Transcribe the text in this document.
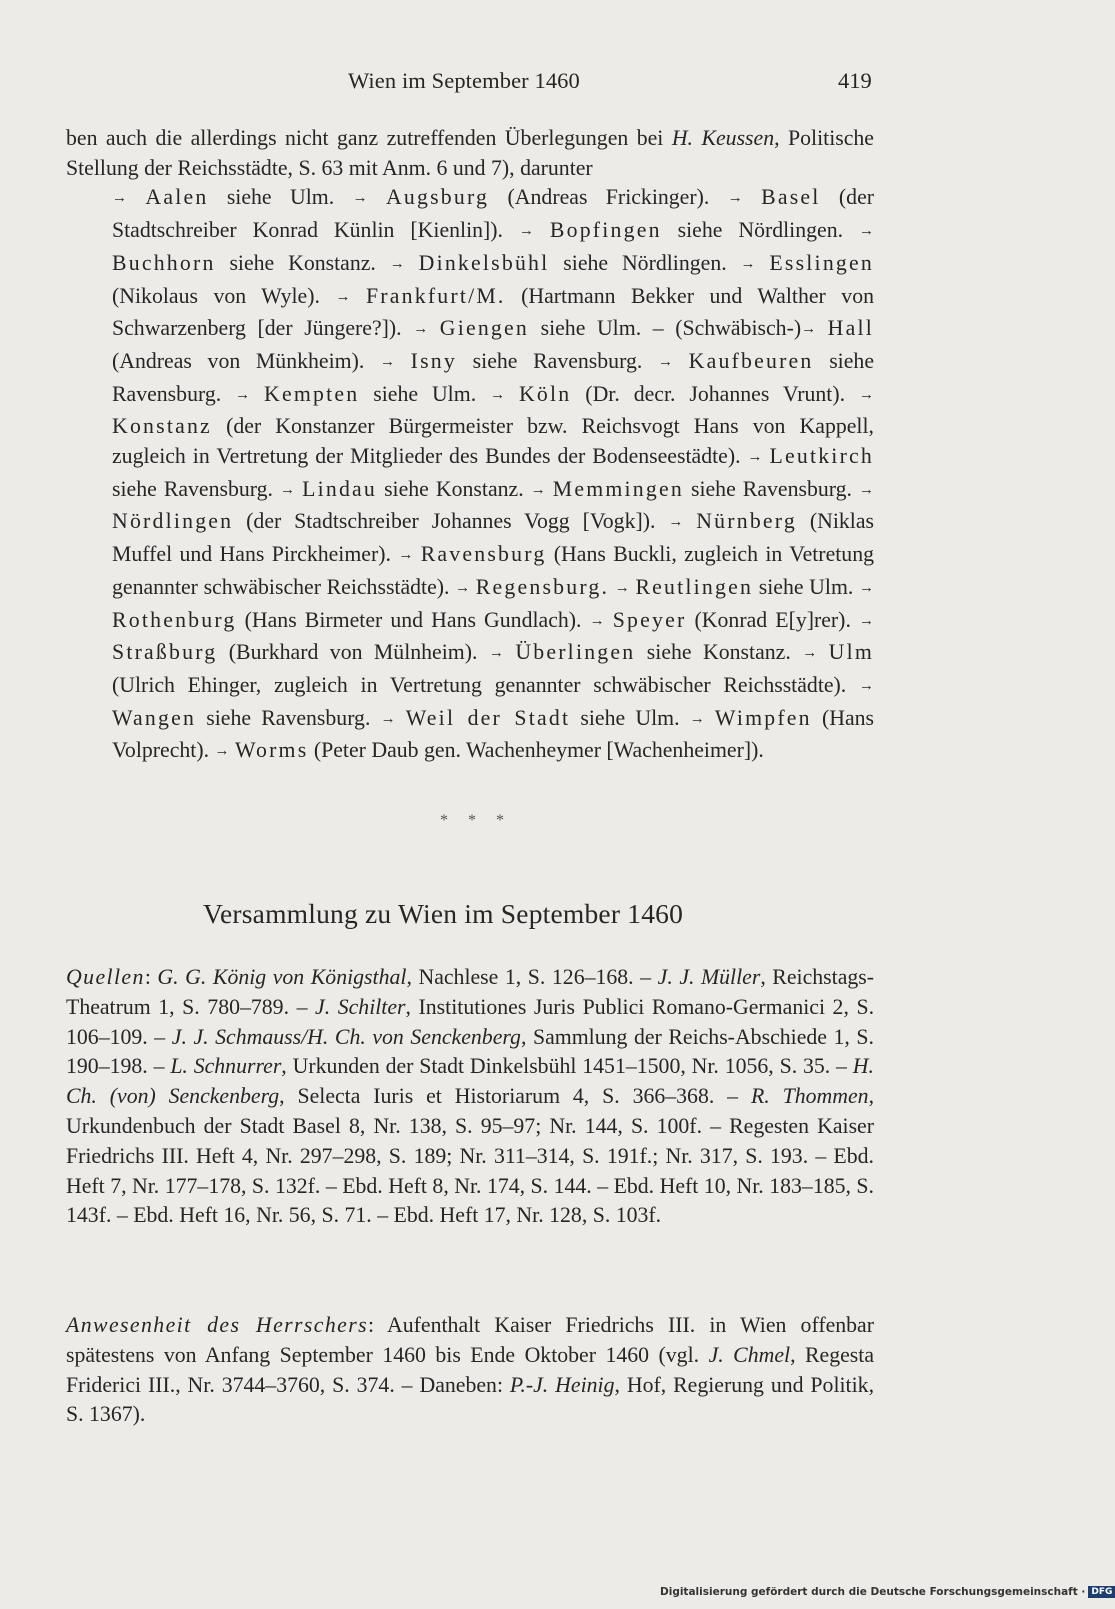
Wien im September 1460	419

ben auch die allerdings nicht ganz zutreffenden Überlegungen bei H. Keussen, Politische Stellung der Reichsstädte, S. 63 mit Anm. 6 und 7), darunter

→ Aalen siehe Ulm. → Augsburg (Andreas Frickinger). → Basel (der Stadtschreiber Konrad Künlin [Kienlin]). → Bopfingen siehe Nördlingen. → Buchhorn siehe Konstanz. → Dinkelsbühl siehe Nördlingen. → Esslingen (Nikolaus von Wyle). → Frankfurt/M. (Hartmann Bekker und Walther von Schwarzenberg [der Jüngere?]). → Giengen siehe Ulm. – (Schwäbisch-)→ Hall (Andreas von Münkheim). → Isny siehe Ravensburg. → Kaufbeuren siehe Ravensburg. → Kempten siehe Ulm. → Köln (Dr. decr. Johannes Vrunt). → Konstanz (der Konstanzer Bürgermeister bzw. Reichsvogt Hans von Kappell, zugleich in Vertretung der Mitglieder des Bundes der Bodenseestädte). → Leutkirch siehe Ravensburg. → Lindau siehe Konstanz. → Memmingen siehe Ravensburg. → Nördlingen (der Stadtschreiber Johannes Vogg [Vogk]). → Nürnberg (Niklas Muffel und Hans Pirckheimer). → Ravensburg (Hans Buckli, zugleich in Vetretung genannter schwäbischer Reichsstädte). → Regensburg. → Reutlingen siehe Ulm. → Rothenburg (Hans Birmeter und Hans Gundlach). → Speyer (Konrad E[y]rer). → Straßburg (Burkhard von Mülnheim). → Überlingen siehe Konstanz. → Ulm (Ulrich Ehinger, zugleich in Vertretung genannter schwäbischer Reichsstädte). → Wangen siehe Ravensburg. → Weil der Stadt siehe Ulm. → Wimpfen (Hans Volprecht). → Worms (Peter Daub gen. Wachenheymer [Wachenheimer]).

* * *
Versammlung zu Wien im September 1460

Quellen: G. G. König von Königsthal, Nachlese 1, S. 126–168. – J. J. Müller, Reichstags-Theatrum 1, S. 780–789. – J. Schilter, Institutiones Juris Publici Romano-Germanici 2, S. 106–109. – J. J. Schmauss/H. Ch. von Senckenberg, Sammlung der Reichs-Abschiede 1, S. 190–198. – L. Schnurrer, Urkunden der Stadt Dinkelsbühl 1451–1500, Nr. 1056, S. 35. – H. Ch. (von) Senckenberg, Selecta Iuris et Historiarum 4, S. 366–368. – R. Thommen, Urkundenbuch der Stadt Basel 8, Nr. 138, S. 95–97; Nr. 144, S. 100f. – Regesten Kaiser Friedrichs III. Heft 4, Nr. 297–298, S. 189; Nr. 311–314, S. 191f.; Nr. 317, S. 193. – Ebd. Heft 7, Nr. 177–178, S. 132f. – Ebd. Heft 8, Nr. 174, S. 144. – Ebd. Heft 10, Nr. 183–185, S. 143f. – Ebd. Heft 16, Nr. 56, S. 71. – Ebd. Heft 17, Nr. 128, S. 103f.

Anwesenheit des Herrschers: Aufenthalt Kaiser Friedrichs III. in Wien offenbar spätestens von Anfang September 1460 bis Ende Oktober 1460 (vgl. J. Chmel, Regesta Friderici III., Nr. 3744–3760, S. 374. – Daneben: P.-J. Heinig, Hof, Regierung und Politik, S. 1367).

Digitalisierung gefördert durch die Deutsche Forschungsgemeinschaft · DFG
